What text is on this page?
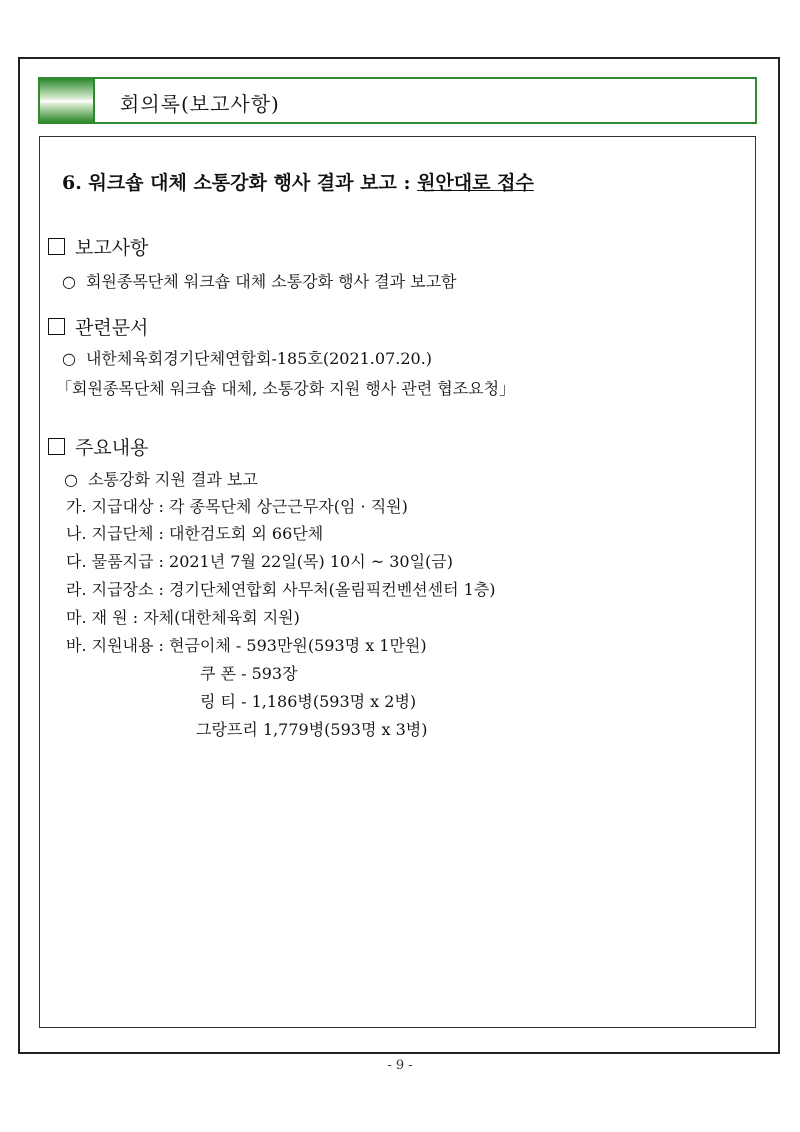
회의록(보고사항)
6. 워크숍 대체 소통강화 행사 결과 보고 : 원안대로 접수
보고사항
○ 회원종목단체 워크숍 대체 소통강화 행사 결과 보고함
관련문서
○ 내한체육회경기단체연합회-185호(2021.07.20.)
「회원종목단체 워크숍 대체, 소통강화 지원 행사 관련 협조요청」
주요내용
○ 소통강화 지원 결과 보고
가. 지급대상 : 각 종목단체 상근근무자(임 · 직원)
나. 지급단체 : 대한검도회 외 66단체
다. 물품지급 : 2021년 7월 22일(목) 10시 ~ 30일(금)
라. 지급장소 : 경기단체연합회 사무처(올림픽컨벤션센터 1층)
마. 재 원 : 자체(대한체육회 지원)
바. 지원내용 : 현금이체 - 593만원(593명 x 1만원)
쿠 폰 - 593장
링 티 - 1,186병(593명 x 2병)
그랑프리 1,779병(593명 x 3병)
- 9 -
